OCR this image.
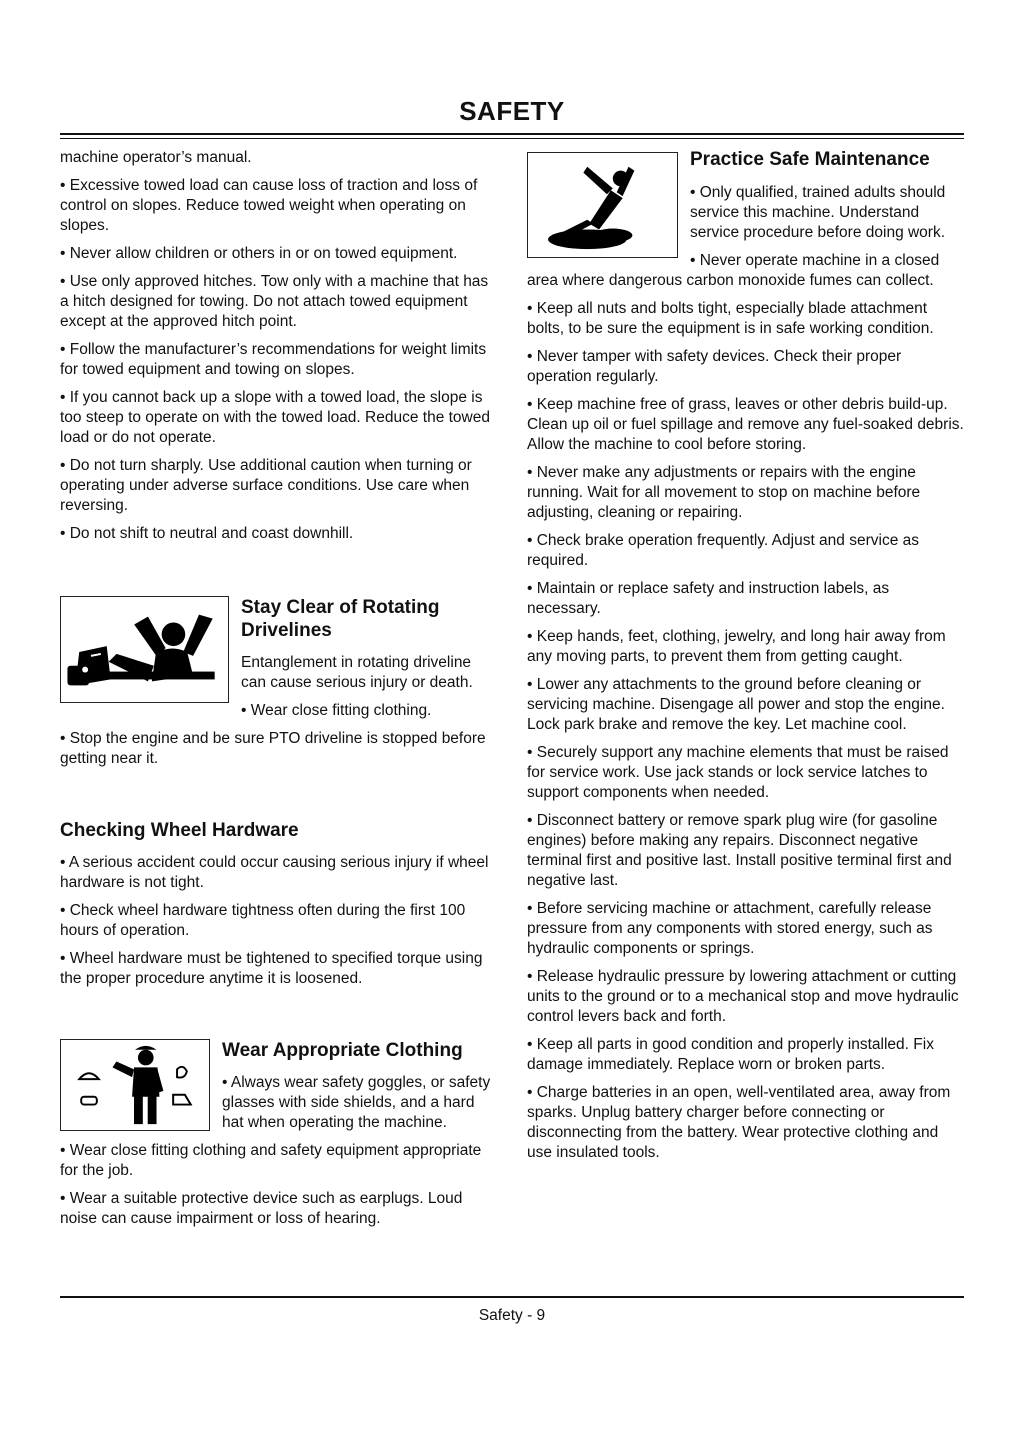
SAFETY

machine operator’s manual.

• Excessive towed load can cause loss of traction and loss of control on slopes. Reduce towed weight when operating on slopes.

• Never allow children or others in or on towed equipment.

• Use only approved hitches. Tow only with a machine that has a hitch designed for towing. Do not attach towed equipment except at the approved hitch point.

• Follow the manufacturer’s recommendations for weight limits for towed equipment and towing on slopes.

• If you cannot back up a slope with a towed load, the slope is too steep to operate on with the towed load. Reduce the towed load or do not operate.

• Do not turn sharply. Use additional caution when turning or operating under adverse surface conditions. Use care when reversing.

• Do not shift to neutral and coast downhill.

Stay Clear of Rotating Drivelines

Entanglement in rotating driveline can cause serious injury or death.

• Wear close fitting clothing.

• Stop the engine and be sure PTO driveline is stopped before getting near it.

Checking Wheel Hardware

• A serious accident could occur causing serious injury if wheel hardware is not tight.

• Check wheel hardware tightness often during the first 100 hours of operation.

• Wheel hardware must be tightened to specified torque using the proper procedure anytime it is loosened.

Wear Appropriate Clothing

• Always wear safety goggles, or safety glasses with side shields, and a hard hat when operating the machine.

• Wear close fitting clothing and safety equipment appropriate for the job.

• Wear a suitable protective device such as earplugs. Loud noise can cause impairment or loss of hearing.

Practice Safe Maintenance

• Only qualified, trained adults should service this machine. Understand service procedure before doing work.

• Never operate machine in a closed area where dangerous carbon monoxide fumes can collect.

• Keep all nuts and bolts tight, especially blade attachment bolts, to be sure the equipment is in safe working condition.

• Never tamper with safety devices. Check their proper operation regularly.

• Keep machine free of grass, leaves or other debris build-up. Clean up oil or fuel spillage and remove any fuel-soaked debris. Allow the machine to cool before storing.

• Never make any adjustments or repairs with the engine running. Wait for all movement to stop on machine before adjusting, cleaning or repairing.

• Check brake operation frequently. Adjust and service as required.

• Maintain or replace safety and instruction labels, as necessary.

• Keep hands, feet, clothing, jewelry, and long hair away from any moving parts, to prevent them from getting caught.

• Lower any attachments to the ground before cleaning or servicing machine. Disengage all power and stop the engine. Lock park brake and remove the key. Let machine cool.

• Securely support any machine elements that must be raised for service work. Use jack stands or lock service latches to support components when needed.

• Disconnect battery or remove spark plug wire (for gasoline engines) before making any repairs. Disconnect negative terminal first and positive last. Install positive terminal first and negative last.

• Before servicing machine or attachment, carefully release pressure from any components with stored energy, such as hydraulic components or springs.

• Release hydraulic pressure by lowering attachment or cutting units to the ground or to a mechanical stop and move hydraulic control levers back and forth.

• Keep all parts in good condition and properly installed. Fix damage immediately. Replace worn or broken parts.

• Charge batteries in an open, well-ventilated area, away from sparks. Unplug battery charger before connecting or disconnecting from the battery. Wear protective clothing and use insulated tools.

Safety - 9
